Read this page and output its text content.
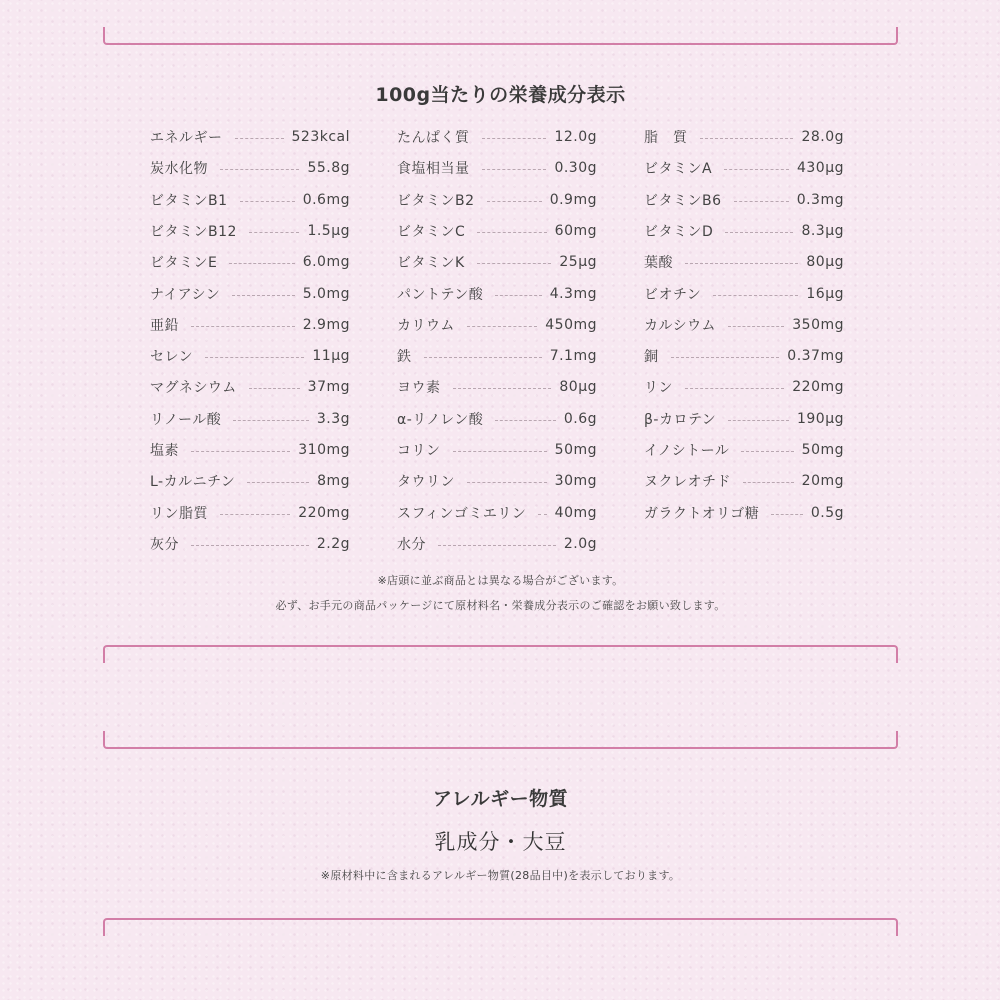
100g当たりの栄養成分表示
エネルギー	523kcal	たんぱく質	12.0g	脂　質	28.0g
炭水化物	55.8g	食塩相当量	0.30g	ビタミンA	430μg
ビタミンB1	0.6mg	ビタミンB2	0.9mg	ビタミンB6	0.3mg
ビタミンB12	1.5μg	ビタミンC	60mg	ビタミンD	8.3μg
ビタミンE	6.0mg	ビタミンK	25μg	葉酸	80μg
ナイアシン	5.0mg	パントテン酸	4.3mg	ビオチン	16μg
亜鉛	2.9mg	カリウム	450mg	カルシウム	350mg
セレン	11μg	鉄	7.1mg	銅	0.37mg
マグネシウム	37mg	ヨウ素	80μg	リン	220mg
リノール酸	3.3g	α-リノレン酸	0.6g	β-カロテン	190μg
塩素	310mg	コリン	50mg	イノシトール	50mg
L-カルニチン	8mg	タウリン	30mg	ヌクレオチド	20mg
リン脂質	220mg	スフィンゴミエリン 40mg	ガラクトオリゴ糖	0.5g
灰分	2.2g	水分	2.0g
※店頭に並ぶ商品とは異なる場合がございます。
必ず、お手元の商品パッケージにて原材料名・栄養成分表示のご確認をお願い致します。
アレルギー物質
乳成分・大豆
※原材料中に含まれるアレルギー物質(28品目中)を表示しております。
